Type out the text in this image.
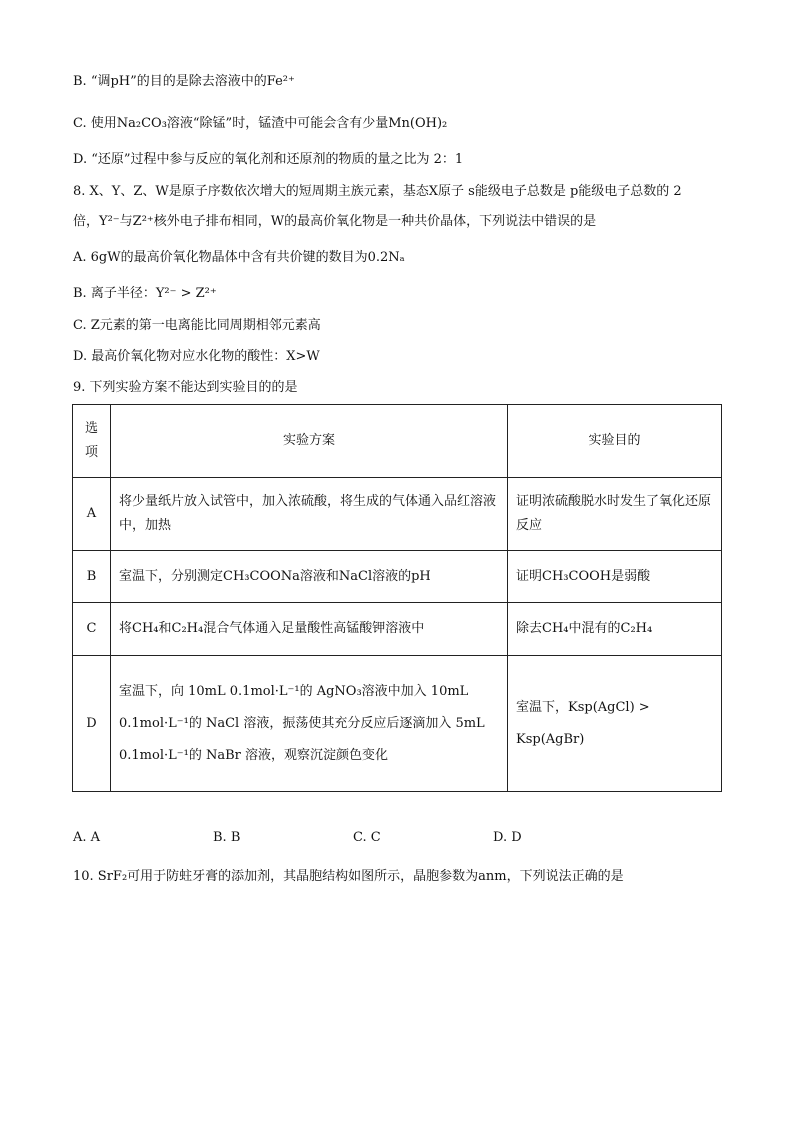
B. “调pH”的目的是除去溶液中的Fe²⁺
C. 使用Na₂CO₃溶液“除锰”时，锰渣中可能会含有少量Mn(OH)₂
D. “还原”过程中参与反应的氧化剂和还原剂的物质的量之比为 2：1
8. X、Y、Z、W是原子序数依次增大的短周期主族元素，基态X原子 s能级电子总数是 p能级电子总数的 2
倍，Y²⁻与Z²⁺核外电子排布相同，W的最高价氧化物是一种共价晶体，下列说法中错误的是
A. 6gW的最高价氧化物晶体中含有共价键的数目为0.2Nₐ
B. 离子半径：Y²⁻ > Z²⁺
C. Z元素的第一电离能比同周期相邻元素高
D. 最高价氧化物对应水化物的酸性：X>W
9. 下列实验方案不能达到实验目的的是
选项	实验方案	实验目的
A	将少量纸片放入试管中，加入浓硫酸，将生成的气体通入品红溶液中，加热	证明浓硫酸脱水时发生了氧化还原反应
B	室温下，分别测定CH₃COONa溶液和NaCl溶液的pH	证明CH₃COOH是弱酸
C	将CH₄和C₂H₄混合气体通入足量酸性高锰酸钾溶液中	除去CH₄中混有的C₂H₄
D	室温下，向 10mL 0.1mol·L⁻¹的 AgNO₃溶液中加入 10mL 0.1mol·L⁻¹的 NaCl 溶液，振荡使其充分反应后逐滴加入 5mL 0.1mol·L⁻¹的 NaBr 溶液，观察沉淀颜色变化	室温下，Ksp(AgCl) > Ksp(AgBr)
A. A	B. B	C. C	D. D
10. SrF₂可用于防蛀牙膏的添加剂，其晶胞结构如图所示，晶胞参数为anm，下列说法正确的是
